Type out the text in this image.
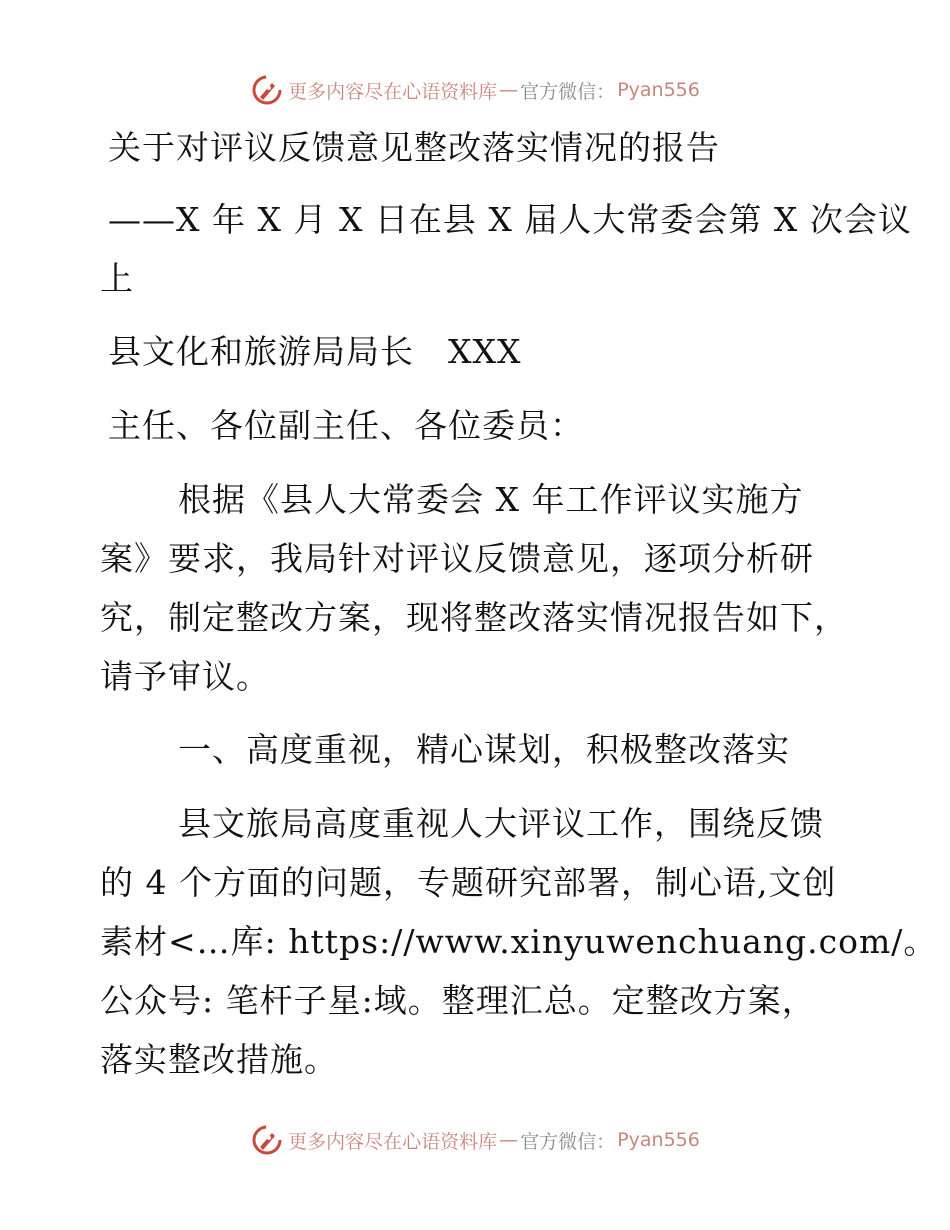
更多内容尽在心语资料库 — 官方微信： Pyan556
关于对评议反馈意见整改落实情况的报告
——X 年 X 月 X 日在县 X 届人大常委会第 X 次会议
上
县文化和旅游局局长　XXX
主任、各位副主任、各位委员：
根据《县人大常委会 X 年工作评议实施方
案》要求，我局针对评议反馈意见，逐项分析研
究，制定整改方案，现将整改落实情况报告如下，
请予审议。
一、高度重视，精心谋划，积极整改落实
县文旅局高度重视人大评议工作，围绕反馈
的 4 个方面的问题，专题研究部署，制心语,文创
素材<…库: https://www.xinyuwenchuang.com/。
公众号: 笔杆子星:域。整理汇总。定整改方案，
落实整改措施。
更多内容尽在心语资料库 — 官方微信： Pyan556
